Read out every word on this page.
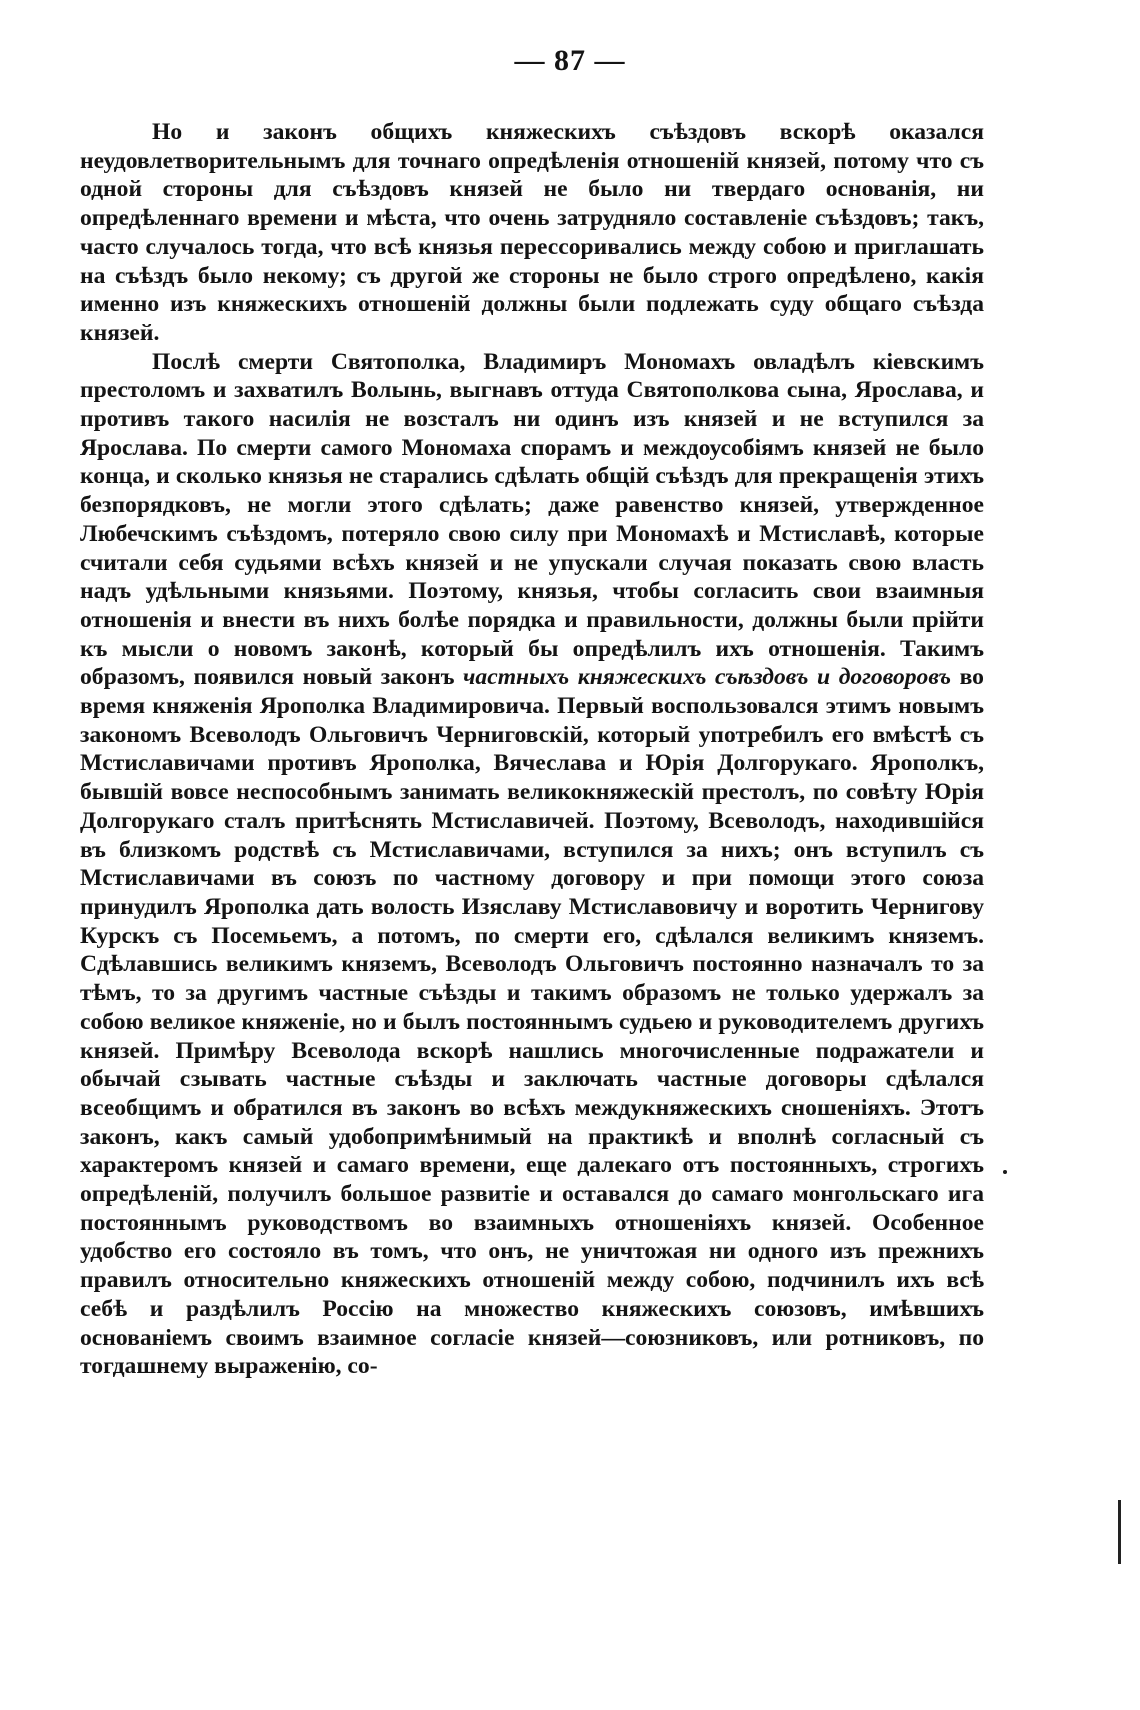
— 87 —

Но и законъ общихъ княжескихъ съѣздовъ вскорѣ оказался неудовлетворительнымъ для точнаго опредѣленія отношеній князей, потому что съ одной стороны для съѣздовъ князей не было ни твердаго основанія, ни опредѣленнаго времени и мѣста, что очень затрудняло составленіе съѣздовъ; такъ, часто случалось тогда, что всѣ князья перессоривались между собою и приглашать на съѣздъ было некому; съ другой же стороны не было строго опредѣлено, какія именно изъ княжескихъ отношеній должны были подлежать суду общаго съѣзда князей.

Послѣ смерти Святополка, Владимиръ Мономахъ овладѣлъ кіевскимъ престоломъ и захватилъ Волынь, выгнавъ оттуда Святополкова сына, Ярослава, и противъ такого насилія не возсталъ ни одинъ изъ князей и не вступился за Ярослава. По смерти самого Мономаха спорамъ и междоусобіямъ князей не было конца, и сколько князья не старались сдѣлать общій съѣздъ для прекращенія этихъ безпорядковъ, не могли этого сдѣлать; даже равенство князей, утвержденное Любечскимъ съѣздомъ, потеряло свою силу при Мономахѣ и Мстиславѣ, которые считали себя судьями всѣхъ князей и не упускали случая показать свою власть надъ удѣльными князьями. Поэтому, князья, чтобы согласить свои взаимныя отношенія и внести въ нихъ болѣе порядка и правильности, должны были прійти къ мысли о новомъ законѣ, который бы опредѣлилъ ихъ отношенія. Такимъ образомъ, появился новый законъ частныхъ княжескихъ съѣздовъ и договоровъ во время княженія Ярополка Владимировича. Первый воспользовался этимъ новымъ закономъ Всеволодъ Ольговичъ Черниговскій, который употребилъ его вмѣстѣ съ Мстиславичами противъ Ярополка, Вячеслава и Юрія Долгорукаго. Ярополкъ, бывшій вовсе неспособнымъ занимать великокняжескій престолъ, по совѣту Юрія Долгорукаго сталъ притѣснять Мстиславичей. Поэтому, Всеволодъ, находившійся въ близкомъ родствѣ съ Мстиславичами, вступился за нихъ; онъ вступилъ съ Мстиславичами въ союзъ по частному договору и при помощи этого союза принудилъ Ярополка дать волость Изяславу Мстиславовичу и воротить Чернигову Курскъ съ Посемьемъ, а потомъ, по смерти его, сдѣлался великимъ княземъ. Сдѣлавшись великимъ княземъ, Всеволодъ Ольговичъ постоянно назначалъ то за тѣмъ, то за другимъ частные съѣзды и такимъ образомъ не только удержалъ за собою великое княженіе, но и былъ постояннымъ судьею и руководителемъ другихъ князей. Примѣру Всеволода вскорѣ нашлись многочисленные подражатели и обычай сзывать частные съѣзды и заключать частные договоры сдѣлался всеобщимъ и обратился въ законъ во всѣхъ междукняжескихъ сношеніяхъ. Этотъ законъ, какъ самый удобопримѣнимый на практикѣ и вполнѣ согласный съ характеромъ князей и самаго времени, еще далекаго отъ постоянныхъ, строгихъ опредѣленій, получилъ большое развитіе и оставался до самаго монгольскаго ига постояннымъ руководствомъ во взаимныхъ отношеніяхъ князей. Особенное удобство его состояло въ томъ, что онъ, не уничтожая ни одного изъ прежнихъ правилъ относительно княжескихъ отношеній между собою, подчинилъ ихъ всѣ себѣ и раздѣлилъ Россію на множество княжескихъ союзовъ, имѣвшихъ основаніемъ своимъ взаимное согласіе князей—союзниковъ, или ротниковъ, по тогдашнему выраженію, со-
